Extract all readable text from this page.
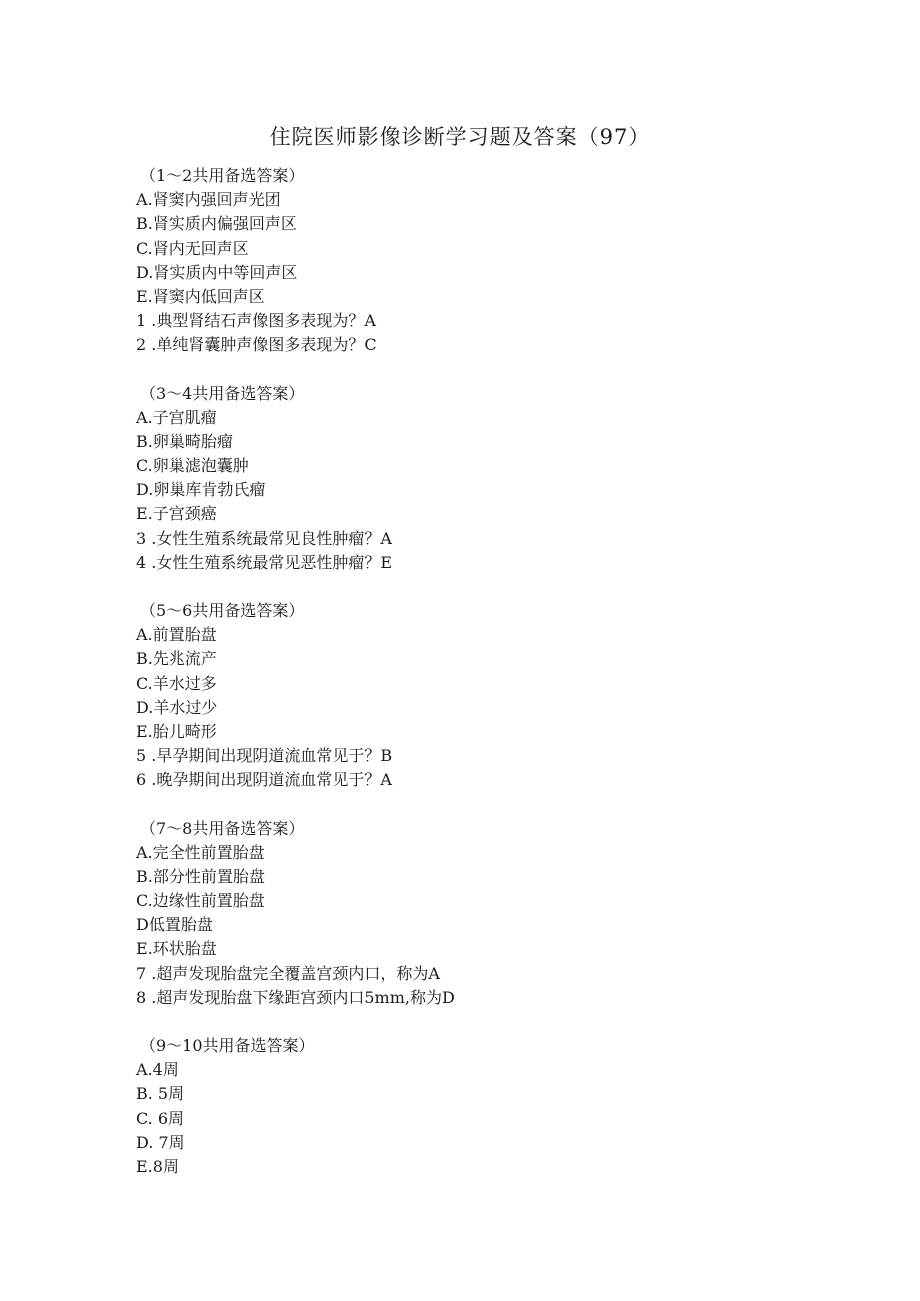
住院医师影像诊断学习题及答案（97）
（1～2共用备选答案）
A.肾窦内强回声光团
B.肾实质内偏强回声区
C.肾内无回声区
D.肾实质内中等回声区
E.肾窦内低回声区
1 .典型肾结石声像图多表现为？A
2 .单纯肾囊肿声像图多表现为？C
（3～4共用备选答案）
A.子宫肌瘤
B.卵巢畸胎瘤
C.卵巢滤泡囊肿
D.卵巢库肯勃氏瘤
E.子宫颈癌
3 .女性生殖系统最常见良性肿瘤？A
4 .女性生殖系统最常见恶性肿瘤？E
（5～6共用备选答案）
A.前置胎盘
B.先兆流产
C.羊水过多
D.羊水过少
E.胎儿畸形
5 .早孕期间出现阴道流血常见于？B
6 .晚孕期间出现阴道流血常见于？A
（7～8共用备选答案）
A.完全性前置胎盘
B.部分性前置胎盘
C.边缘性前置胎盘
D低置胎盘
E.环状胎盘
7 .超声发现胎盘完全覆盖宫颈内口，称为A
8 .超声发现胎盘下缘距宫颈内口5mm,称为D
（9～10共用备选答案）
A.4周
B. 5周
C. 6周
D. 7周
E.8周
